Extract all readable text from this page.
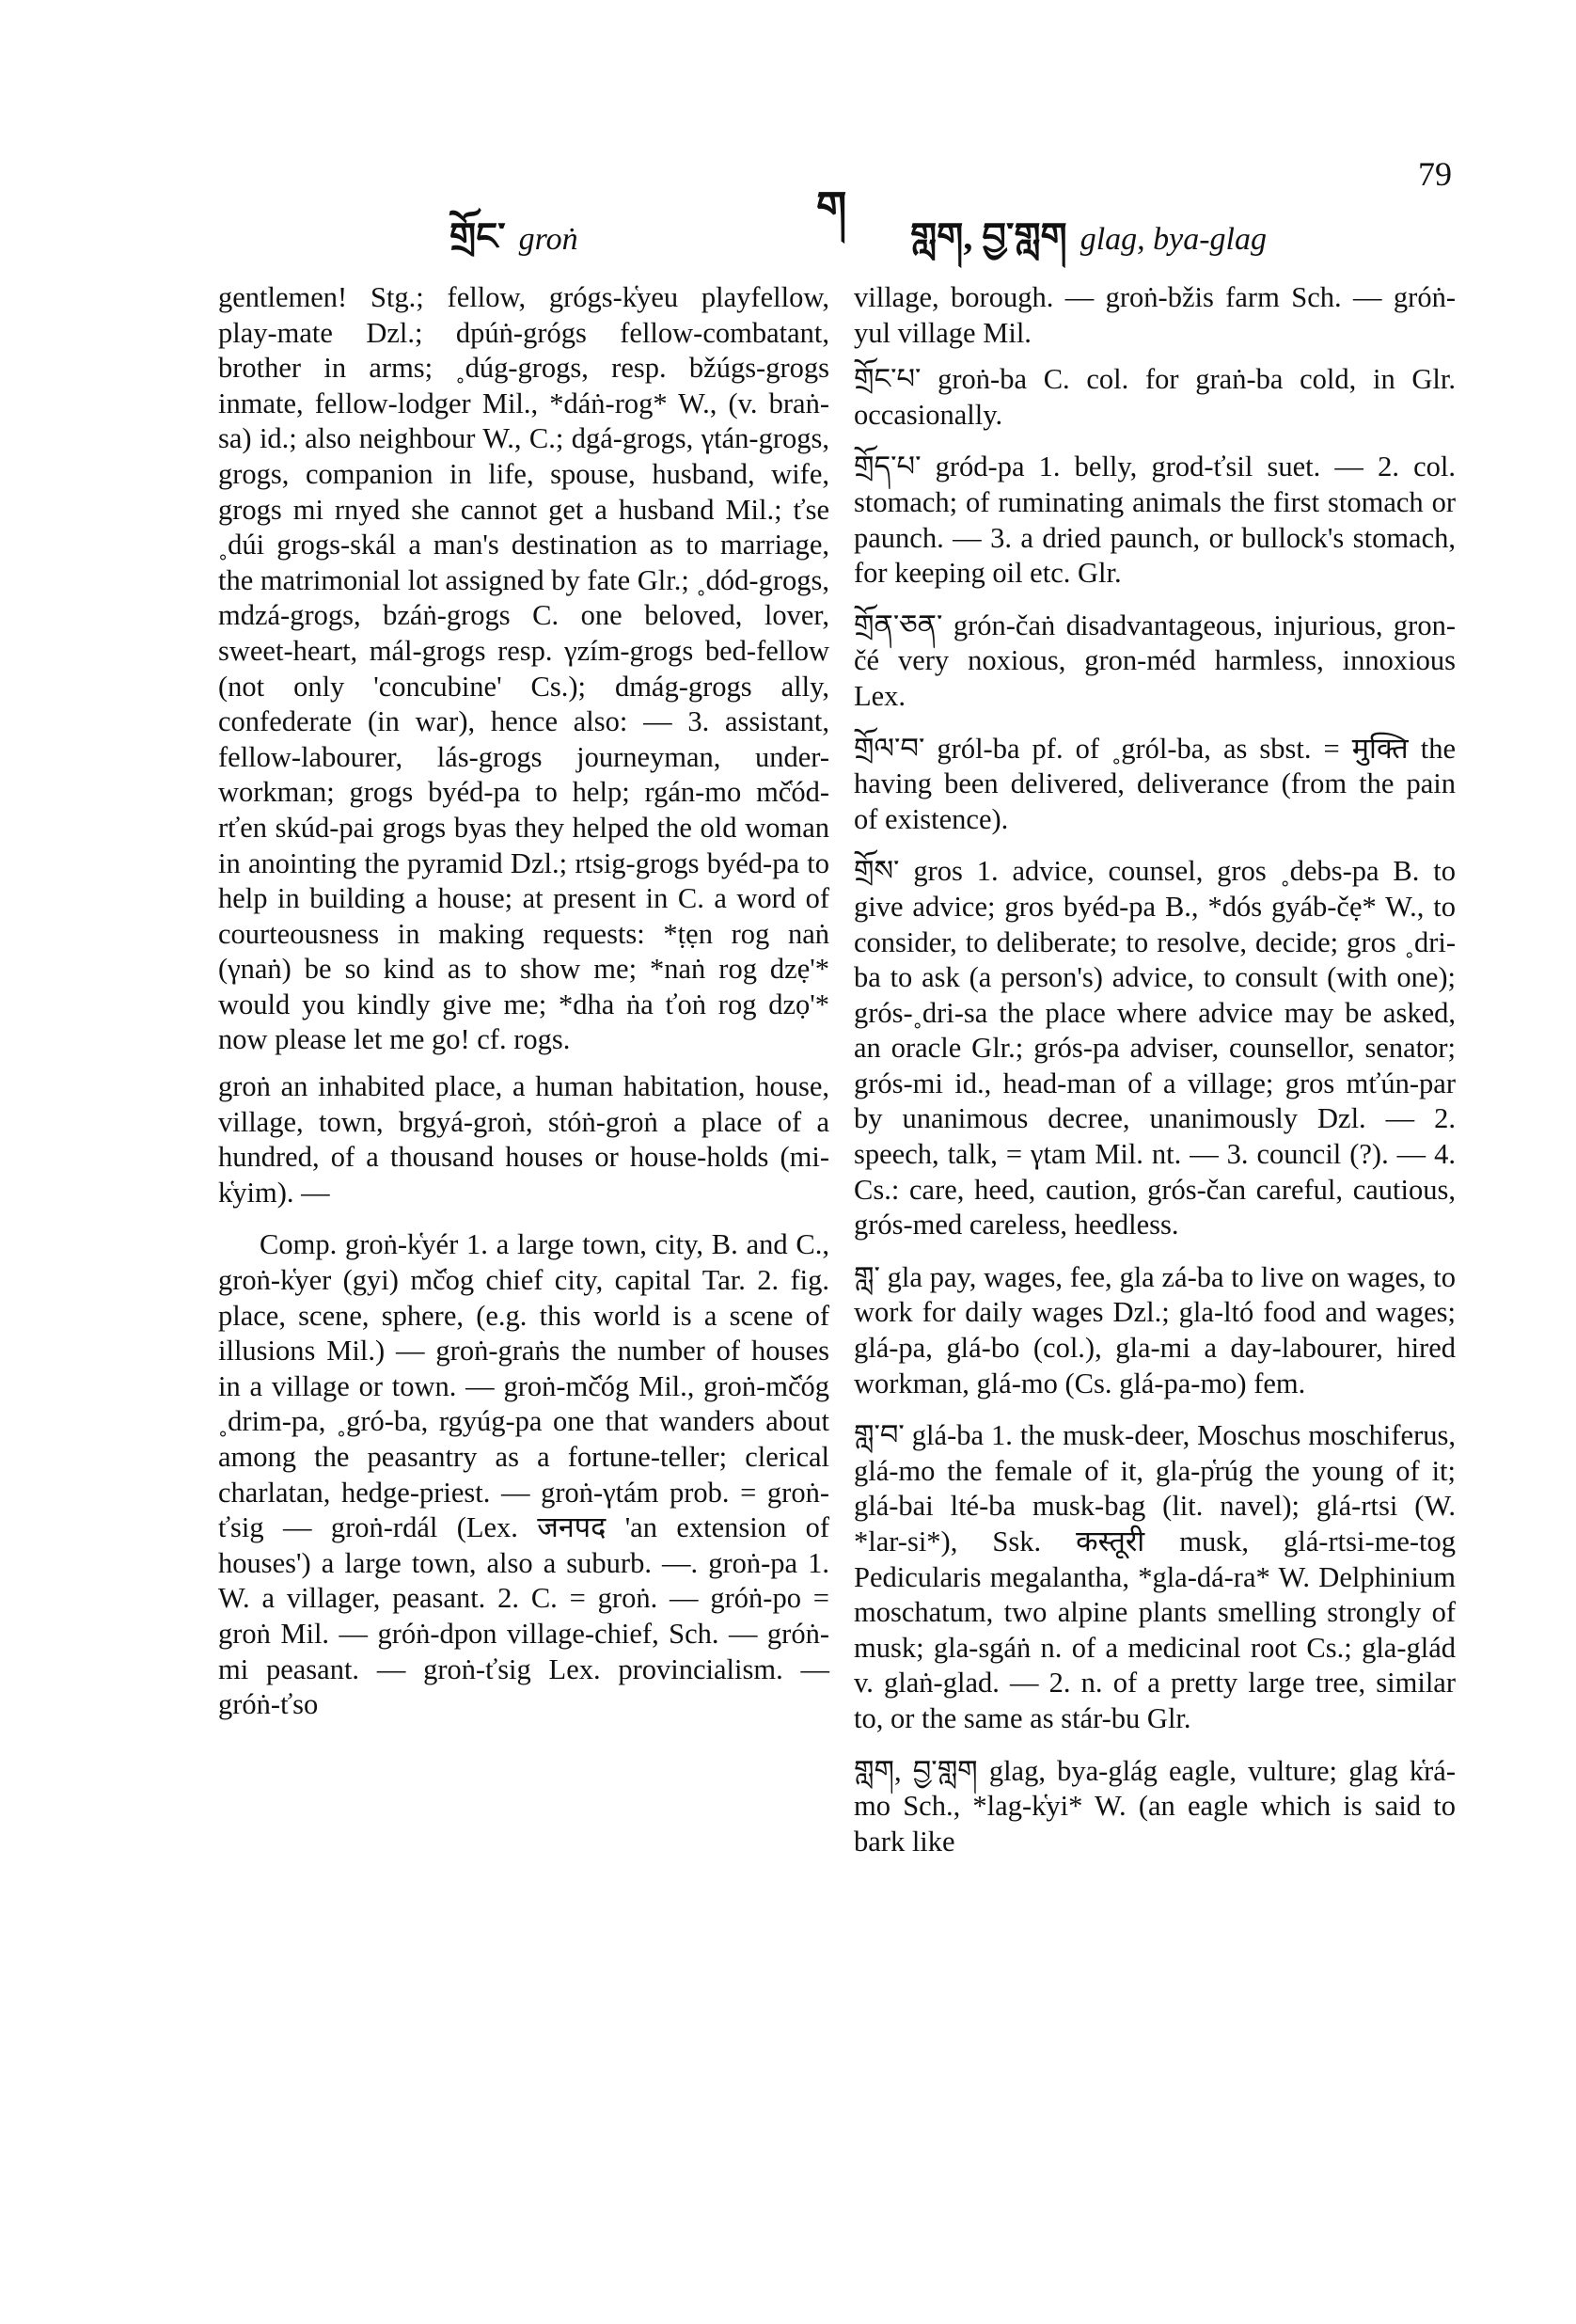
གྲོང་ groṅ
ག
གླག, བྱ་གླག glag, bya-glag
79

gentlemen! Stg.; fellow, grógs-k̔yeu playfellow, play-mate Dzl.; dpúṅ-grógs fellow-combatant, brother in arms; ˳dúg-grogs, resp. bžúgs-grogs inmate, fellow-lodger Mil., *dáṅ-rog* W., (v. braṅ-sa) id.; also neighbour W., C.; dgá-grogs, γtán-grogs, grogs, companion in life, spouse, husband, wife, grogs mi rnyed she cannot get a husband Mil.; ťse ˳dúi grogs-skál a man's destination as to marriage, the matrimonial lot assigned by fate Glr.; ˳dód-grogs, mdzá-grogs, bzáṅ-grogs C. one beloved, lover, sweet-heart, mál-grogs resp. γzím-grogs bed-fellow (not only 'concubine' Cs.); dmág-grogs ally, confederate (in war), hence also: — 3. assistant, fellow-labourer, lás-grogs journeyman, under-workman; grogs byéd-pa to help; rgán-mo mč̔ód-rťen skúd-pai grogs byas they helped the old woman in anointing the pyramid Dzl.; rtsig-grogs byéd-pa to help in building a house; at present in C. a word of courteousness in making requests: *ṭẹn rog naṅ (γnaṅ) be so kind as to show me; *naṅ rog dzẹ'* would you kindly give me; *dha ṅa ťoṅ rog dzọ'* now please let me go! cf. rogs.

groṅ an inhabited place, a human habitation, house, village, town, brgyá-groṅ, stóṅ-groṅ a place of a hundred, of a thousand houses or house-holds (mi-k̔yim). —

Comp. groṅ-k̔yér 1. a large town, city, B. and C., groṅ-k̔yer (gyi) mč̔og chief city, capital Tar. 2. fig. place, scene, sphere, (e.g. this world is a scene of illusions Mil.) — groṅ-graṅs the number of houses in a village or town. — groṅ-mč̔óg Mil., groṅ-mč̔óg ˳drim-pa, ˳gró-ba, rgyúg-pa one that wanders about among the peasantry as a fortune-teller; clerical charlatan, hedge-priest. — groṅ-γtám prob. = groṅ-ťsig — groṅ-rdál (Lex. जनपद 'an extension of houses') a large town, also a suburb. —. groṅ-pa 1. W. a villager, peasant. 2. C. = groṅ. — gróṅ-po = groṅ Mil. — gróṅ-dpon village-chief, Sch. — gróṅ-mi peasant. — groṅ-ťsig Lex. provincialism. — gróṅ-ťso

village, borough. — groṅ-bžis farm Sch. — gróṅ-yul village Mil.

གྲོང་པ་ groṅ-ba C. col. for graṅ-ba cold, in Glr. occasionally.

གྲོད་པ་ gród-pa 1. belly, grod-ťsil suet. — 2. col. stomach; of ruminating animals the first stomach or paunch. — 3. a dried paunch, or bullock's stomach, for keeping oil etc. Glr.

གྲོན་ཅན་ grón-čaṅ disadvantageous, injurious, gron-čé very noxious, gron-méd harmless, innoxious Lex.

གྲོལ་བ་ gról-ba pf. of ˳gról-ba, as sbst. = मुक्ति the having been delivered, deliverance (from the pain of existence).

གྲོས་ gros 1. advice, counsel, gros ˳debs-pa B. to give advice; gros byéd-pa B., *dós gyáb-čẹ* W., to consider, to deliberate; to resolve, decide; gros ˳dri-ba to ask (a person's) advice, to consult (with one); grós-˳dri-sa the place where advice may be asked, an oracle Glr.; grós-pa adviser, counsellor, senator; grós-mi id., head-man of a village; gros mťún-par by unanimous decree, unanimously Dzl. — 2. speech, talk, = γtam Mil. nt. — 3. council (?). — 4. Cs.: care, heed, caution, grós-čan careful, cautious, grós-med careless, heedless.

གླ་ gla pay, wages, fee, gla zá-ba to live on wages, to work for daily wages Dzl.; gla-ltó food and wages; glá-pa, glá-bo (col.), gla-mi a day-labourer, hired workman, glá-mo (Cs. glá-pa-mo) fem.

གླ་བ་ glá-ba 1. the musk-deer, Moschus moschiferus, glá-mo the female of it, gla-p̔rúg the young of it; glá-bai lté-ba musk-bag (lit. navel); glá-rtsi (W. *lar-si*), Ssk. कस्तूरी musk, glá-rtsi-me-tog Pedicularis megalantha, *gla-dá-ra* W. Delphinium moschatum, two alpine plants smelling strongly of musk; gla-sgáṅ n. of a medicinal root Cs.; gla-glád v. glaṅ-glad. — 2. n. of a pretty large tree, similar to, or the same as stár-bu Glr.

གླག, བྱ་གླག glag, bya-glág eagle, vulture; glag k̔rá-mo Sch., *lag-k̔yi* W. (an eagle which is said to bark like
